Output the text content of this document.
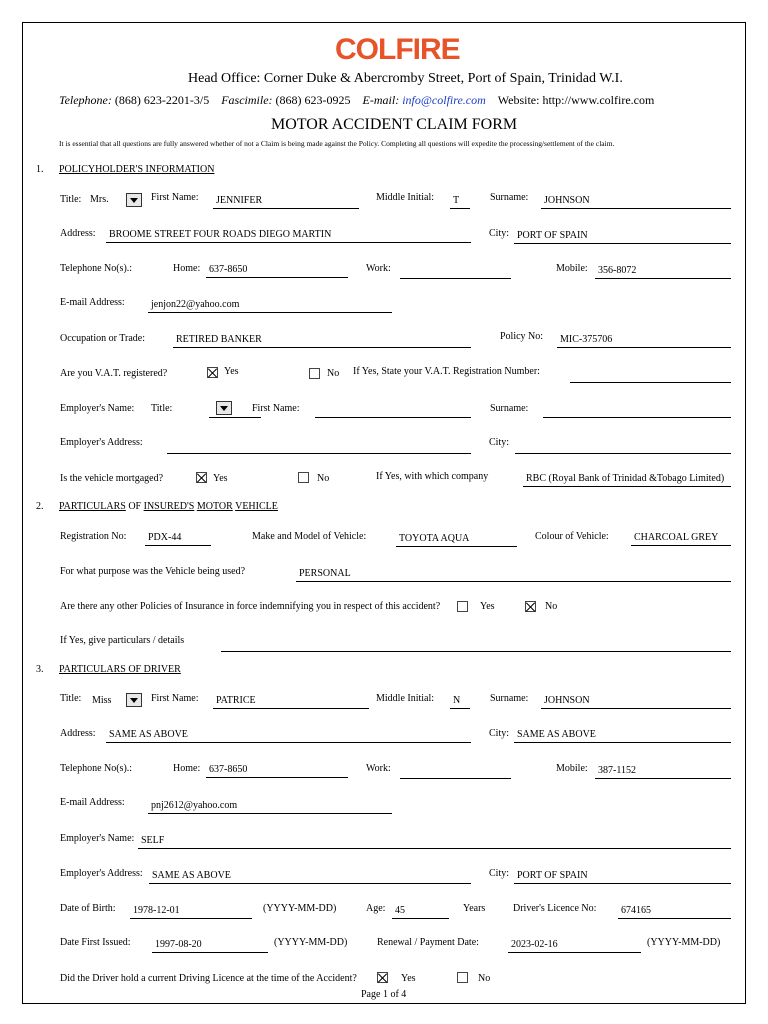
COLFIRE
Head Office: Corner Duke & Abercromby Street, Port of Spain, Trinidad W.I.
Telephone: (868) 623-2201-3/5 Fascimile: (868) 623-0925 E-mail: info@colfire.com Website: http://www.colfire.com
MOTOR ACCIDENT CLAIM FORM
It is essential that all questions are fully answered whether of not a Claim is being made against the Policy. Completing all questions will expedite the processing/settlement of the claim.
1. POLICYHOLDER'S INFORMATION
Title: Mrs.	First Name:	JENNIFER	Middle Initial:	T	Surname:	JOHNSON
Address:	BROOME STREET FOUR ROADS DIEGO MARTIN	City: PORT OF SPAIN
Telephone No(s).:	Home: 637-8650	Work:	Mobile:	356-8072
E-mail Address:	jenjon22@yahoo.com
Occupation or Trade:	RETIRED BANKER	Policy No:	MIC-375706
Are you V.A.T. registered?	Yes	No If Yes, State your V.A.T. Registration Number:
Employer's Name: Title:	First Name:	Surname:
Employer's Address:	City:
Is the vehicle mortgaged?	Yes	No	If Yes, with which company	RBC (Royal Bank of Trinidad &Tobago Limited)
2. PARTICULARS OF INSURED'S MOTOR VEHICLE
Registration No:	PDX-44	Make and Model of Vehicle:	TOYOTA AQUA	Colour of Vehicle:	CHARCOAL GREY
For what purpose was the Vehicle being used?	PERSONAL
Are there any other Policies of Insurance in force indemnifying you in respect of this accident?	Yes	No
If Yes, give particulars / details
3. PARTICULARS OF DRIVER
Title:	Miss	First Name:	PATRICE	Middle Initial:	N	Surname:	JOHNSON
Address:	SAME AS ABOVE	City: SAME AS ABOVE
Telephone No(s).:	Home: 637-8650	Work:	Mobile:	387-1152
E-mail Address:	pnj2612@yahoo.com
Employer's Name: SELF
Employer's Address: SAME AS ABOVE	City: PORT OF SPAIN
Date of Birth:	1978-12-01	(YYYY-MM-DD)	Age: 45	Years	Driver's Licence No:	674165
Date First Issued:	1997-08-20	(YYYY-MM-DD)	Renewal / Payment Date:	2023-02-16	(YYYY-MM-DD)
Did the Driver hold a current Driving Licence at the time of the Accident?	Yes	No
Page 1 of 4
